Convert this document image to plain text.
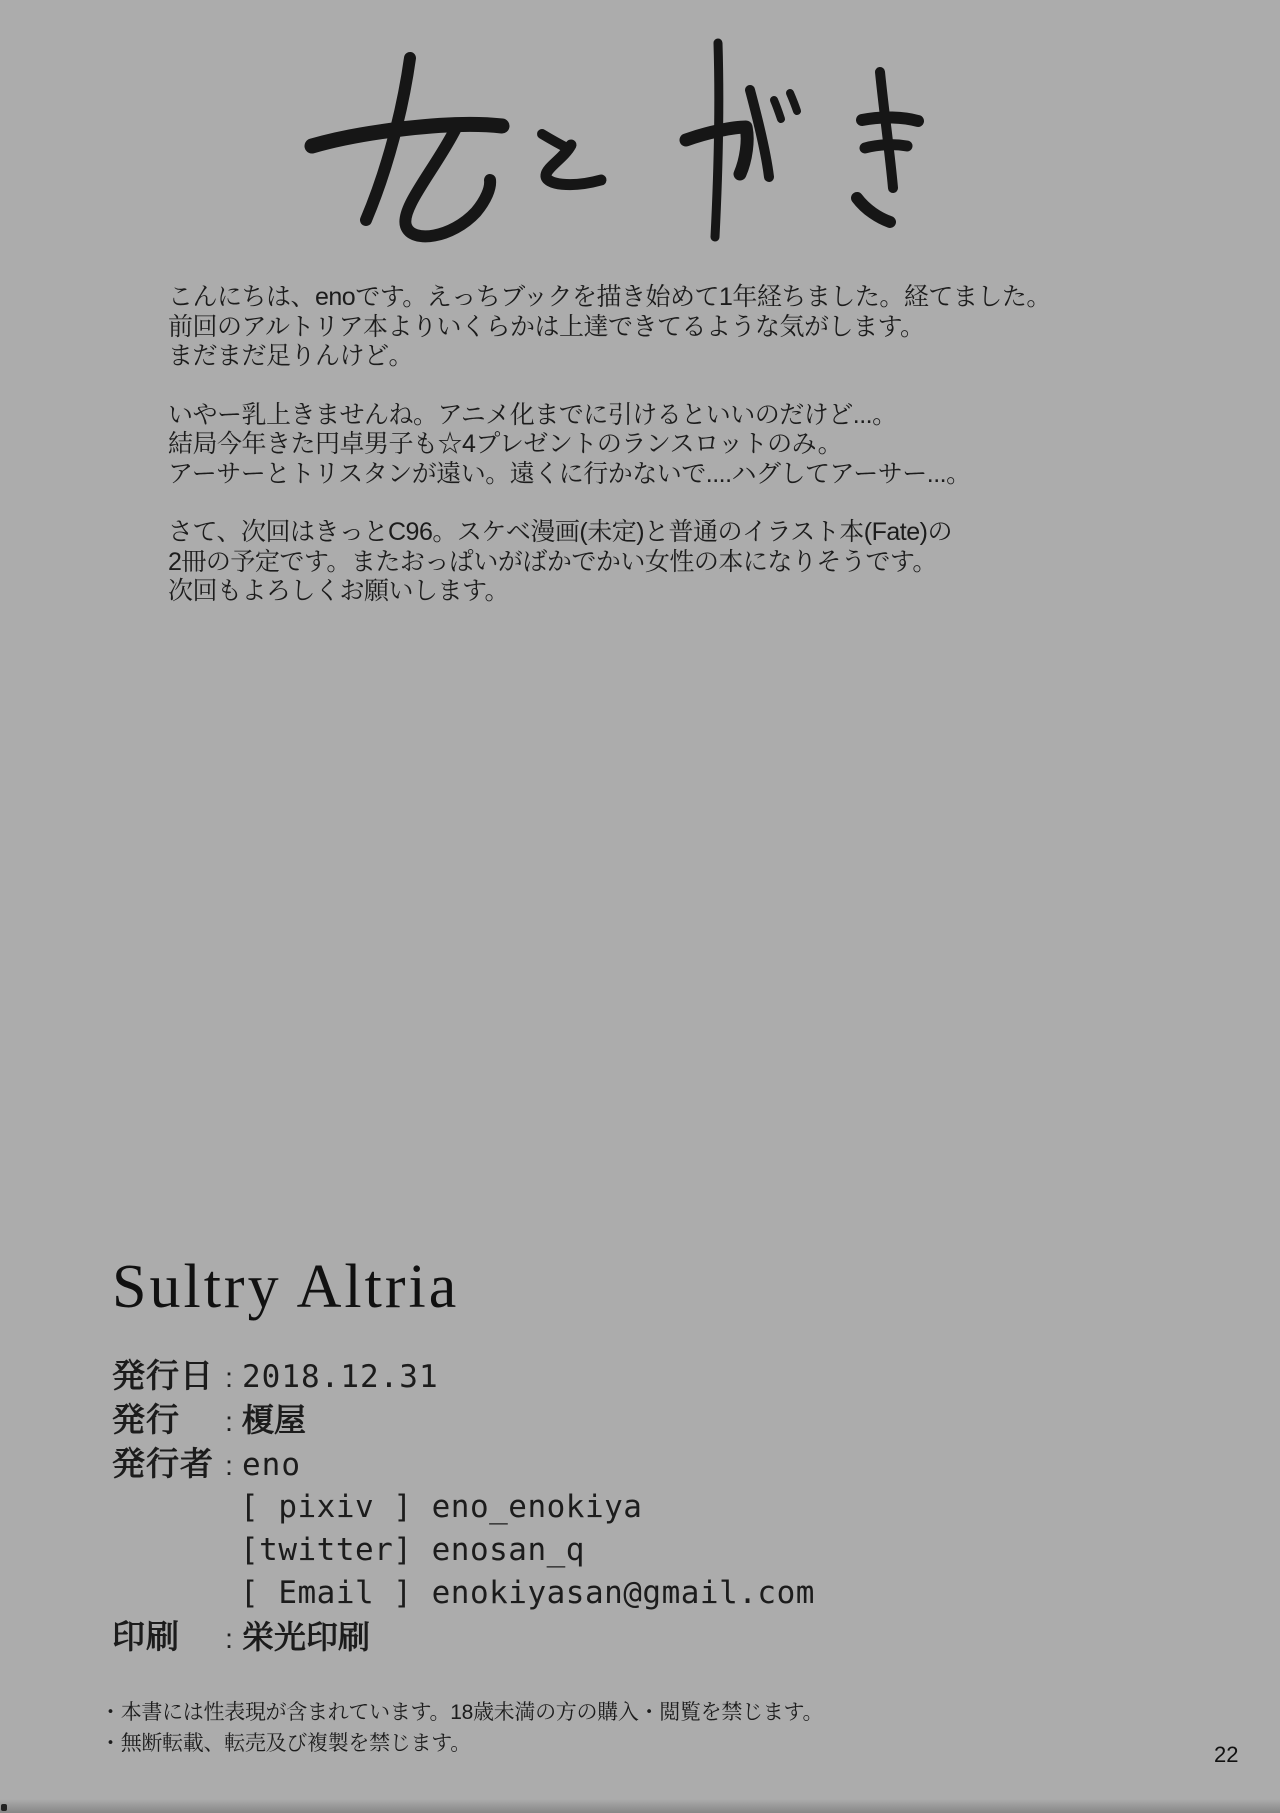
こんにちは、enoです。えっちブックを描き始めて1年経ちました。経てました。
前回のアルトリア本よりいくらかは上達できてるような気がします。
まだまだ足りんけど。

いやー乳上きませんね。アニメ化までに引けるといいのだけど...。
結局今年きた円卓男子も☆4プレゼントのランスロットのみ。
アーサーとトリスタンが遠い。遠くに行かないで....ハグしてアーサー...。

さて、次回はきっとC96。スケベ漫画(未定)と普通のイラスト本(Fate)の
2冊の予定です。またおっぱいがばかでかい女性の本になりそうです。
次回もよろしくお願いします。

Sultry Altria
発行日 : 2018.12.31
発行 : 榎屋
発行者 : eno
[ pixiv ] eno_enokiya
[twitter] enosan_q
[ Email ] enokiyasan@gmail.com
印刷 : 栄光印刷
・本書には性表現が含まれています。18歳未満の方の購入・閲覧を禁じます。
・無断転載、転売及び複製を禁じます。	22
